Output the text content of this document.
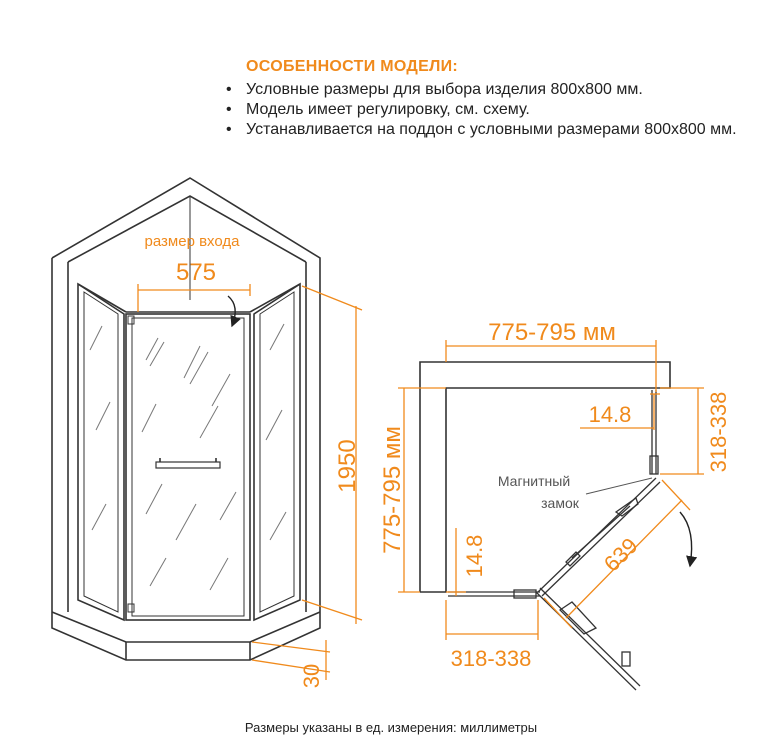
ОСОБЕННОСТИ МОДЕЛИ:
• Условные размеры для выбора изделия 800х800 мм.
• Модель имеет регулировку, см. схему.
• Устанавливается на поддон с условными размерами 800х800 мм.
размер входа
575
1950
30
775-795 мм
775-795 мм	318-338
318-338
14.8
14.8	639
Магнитный
замок
Размеры указаны в ед. измерения: миллиметры
